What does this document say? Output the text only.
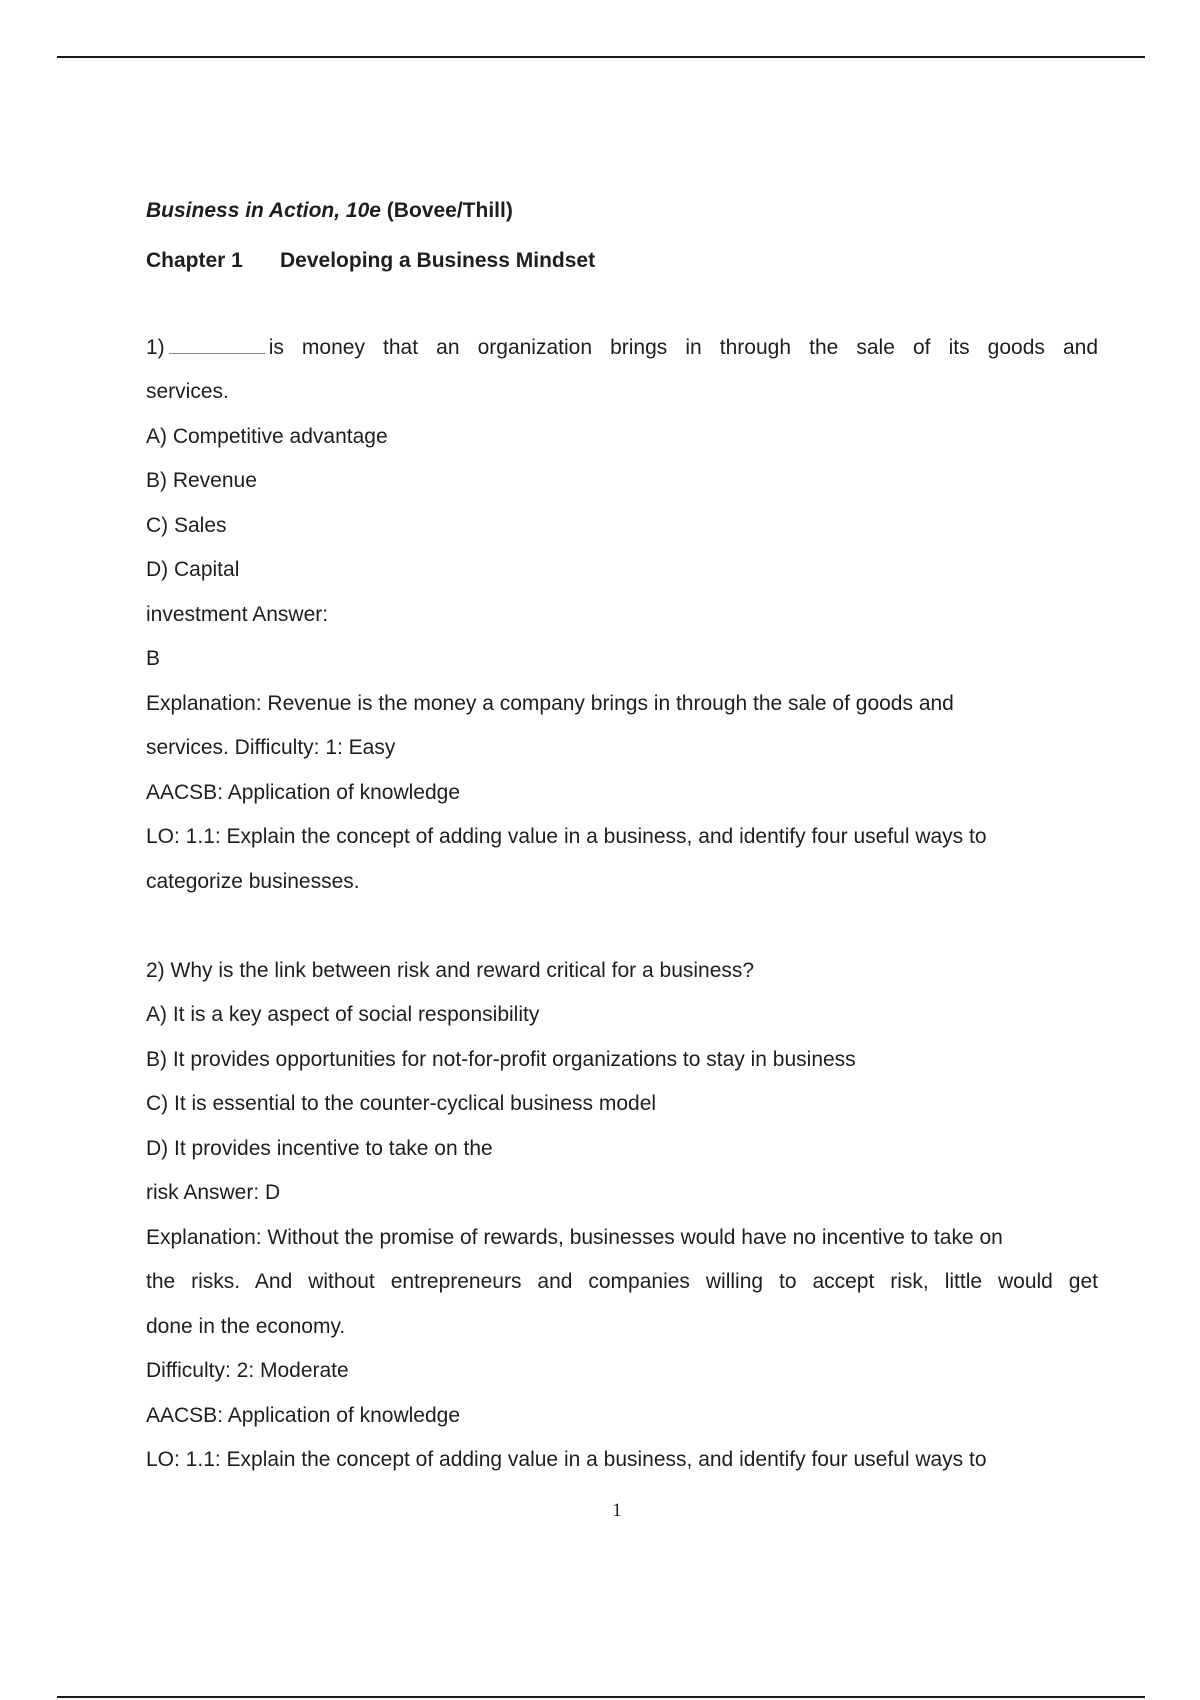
Business in Action, 10e (Bovee/Thill)
Chapter 1 Developing a Business Mindset
1)	is money that an organization brings in through the sale of its goods and
services.
A) Competitive advantage
B) Revenue
C) Sales
D) Capital
investment Answer:
B
Explanation: Revenue is the money a company brings in through the sale of goods and
services. Difficulty: 1: Easy
AACSB: Application of knowledge
LO: 1.1: Explain the concept of adding value in a business, and identify four useful ways to
categorize businesses.
2) Why is the link between risk and reward critical for a business?
A) It is a key aspect of social responsibility
B) It provides opportunities for not-for-profit organizations to stay in business
C) It is essential to the counter-cyclical business model
D) It provides incentive to take on the
risk Answer: D
Explanation: Without the promise of rewards, businesses would have no incentive to take on
the risks. And without entrepreneurs and companies willing to accept risk, little would get
done in the economy.
Difficulty: 2: Moderate
AACSB: Application of knowledge
LO: 1.1: Explain the concept of adding value in a business, and identify four useful ways to
1
